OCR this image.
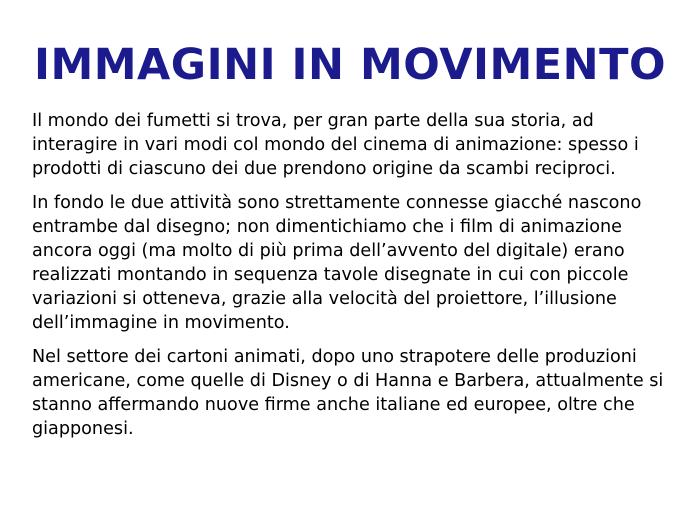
IMMAGINI IN MOVIMENTO

Il mondo dei fumetti si trova, per gran parte della sua storia, ad interagire in vari modi col mondo del cinema di animazione: spesso i prodotti di ciascuno dei due prendono origine da scambi reciproci.

In fondo le due attività sono strettamente connesse giacché nascono entrambe dal disegno; non dimentichiamo che i film di animazione ancora oggi (ma molto di più prima dell’avvento del digitale) erano realizzati montando in sequenza tavole disegnate in cui con piccole variazioni si otteneva, grazie alla velocità del proiettore, l’illusione dell’immagine in movimento.

Nel settore dei cartoni animati, dopo uno strapotere delle produzioni americane, come quelle di Disney o di Hanna e Barbera, attualmente si stanno affermando nuove firme anche italiane ed europee, oltre che giapponesi.
